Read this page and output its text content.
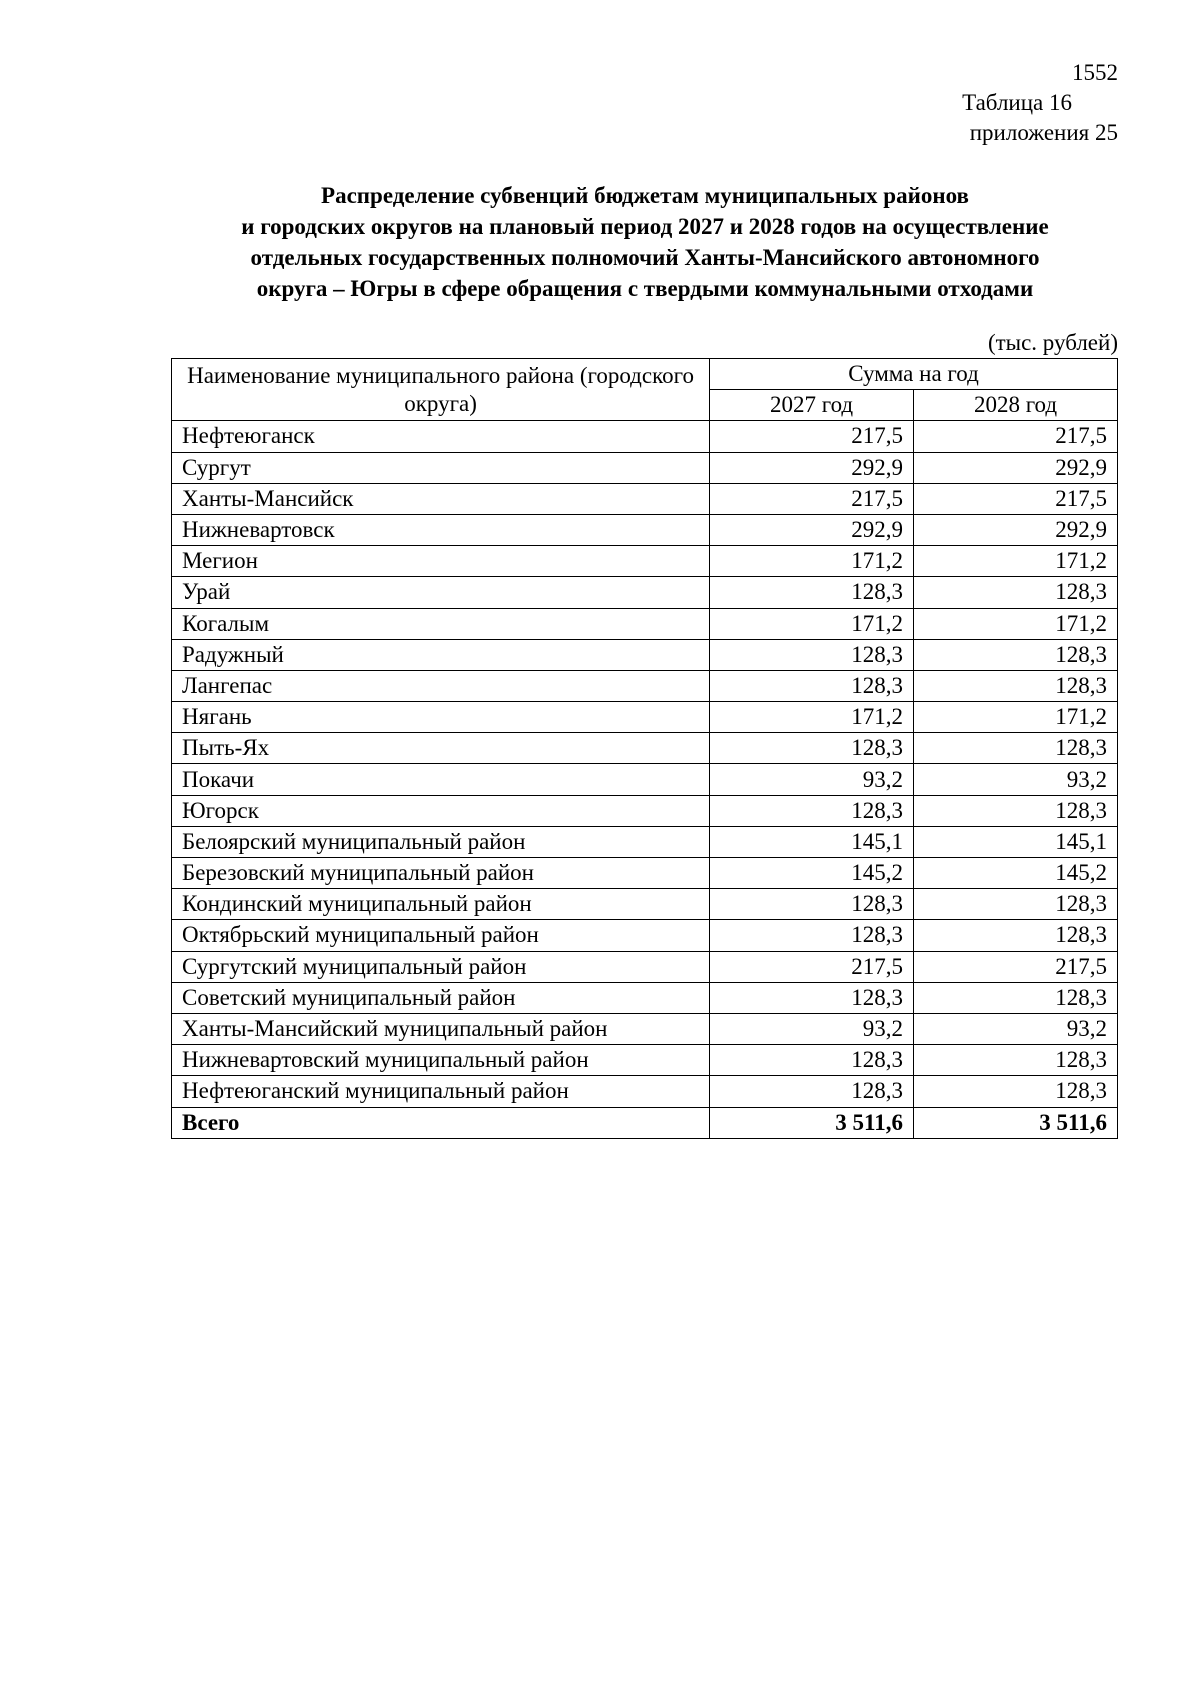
1552
Таблица 16
приложения 25
Распределение субвенций бюджетам муниципальных районов
и городских округов на плановый период 2027 и 2028 годов на осуществление
отдельных государственных полномочий Ханты-Мансийского автономного
округа – Югры в сфере обращения с твердыми коммунальными отходами
(тыс. рублей)
Наименование муниципального района (городского округа)	Сумма на год	
	2027 год	2028 год
Нефтеюганск	217,5	217,5
Сургут	292,9	292,9
Ханты-Мансийск	217,5	217,5
Нижневартовск	292,9	292,9
Мегион	171,2	171,2
Урай	128,3	128,3
Когалым	171,2	171,2
Радужный	128,3	128,3
Лангепас	128,3	128,3
Нягань	171,2	171,2
Пыть-Ях	128,3	128,3
Покачи	93,2	93,2
Югорск	128,3	128,3
Белоярский муниципальный район	145,1	145,1
Березовский муниципальный район	145,2	145,2
Кондинский муниципальный район	128,3	128,3
Октябрьский муниципальный район	128,3	128,3
Сургутский муниципальный район	217,5	217,5
Советский муниципальный район	128,3	128,3
Ханты-Мансийский муниципальный район	93,2	93,2
Нижневартовский муниципальный район	128,3	128,3
Нефтеюганский муниципальный район	128,3	128,3
Всего	3 511,6	3 511,6
